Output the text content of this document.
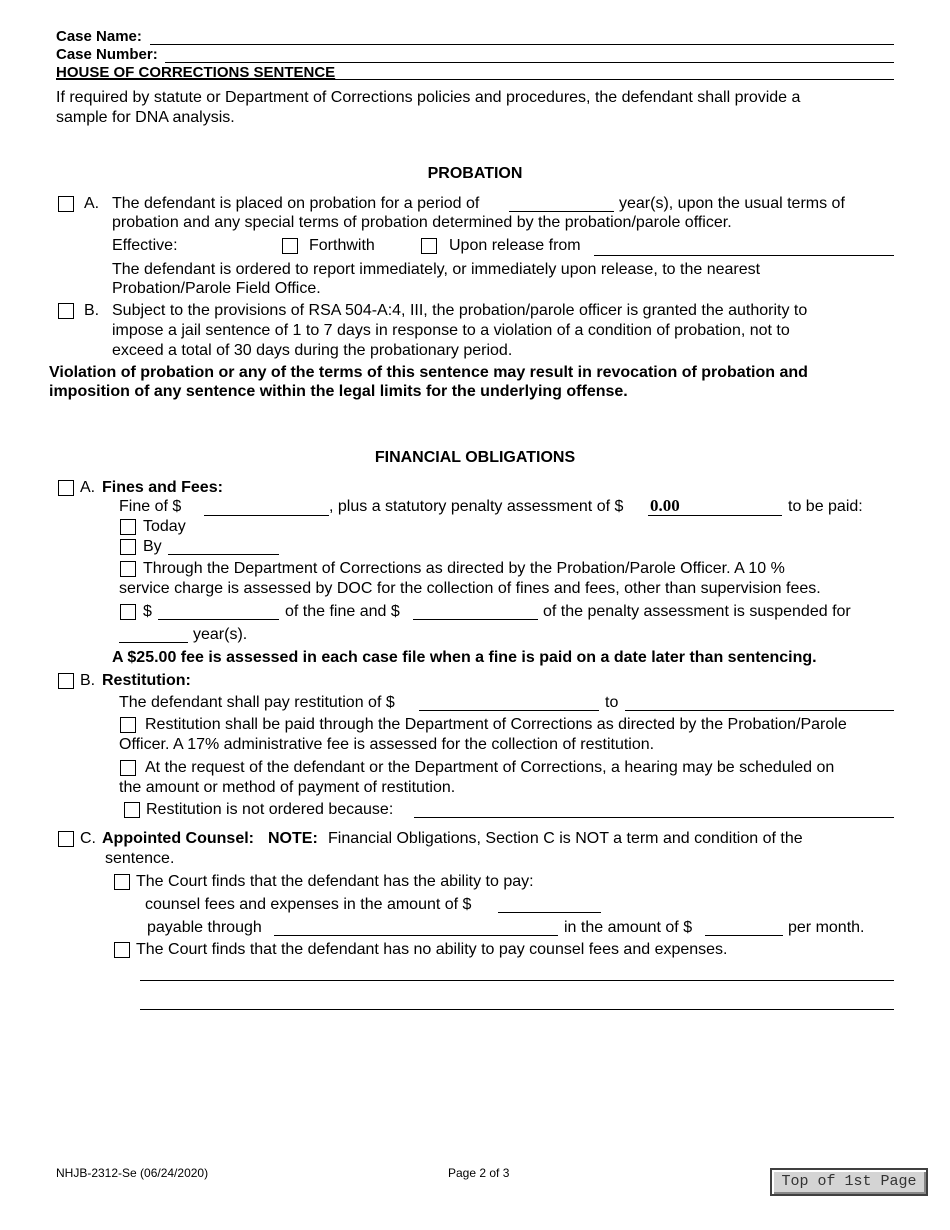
Case Name:
Case Number:
HOUSE OF CORRECTIONS SENTENCE
If required by statute or Department of Corrections policies and procedures, the defendant shall provide a
sample for DNA analysis.
PROBATION
A. The defendant is placed on probation for a period of	year(s), upon the usual terms of
probation and any special terms of probation determined by the probation/parole officer.
Effective:	Forthwith	Upon release from
The defendant is ordered to report immediately, or immediately upon release, to the nearest
Probation/Parole Field Office.
B. Subject to the provisions of RSA 504-A:4, III, the probation/parole officer is granted the authority to
impose a jail sentence of 1 to 7 days in response to a violation of a condition of probation, not to
exceed a total of 30 days during the probationary period.
Violation of probation or any of the terms of this sentence may result in revocation of probation and
imposition of any sentence within the legal limits for the underlying offense.
FINANCIAL OBLIGATIONS
A. Fines and Fees:
Fine of $	, plus a statutory penalty assessment of $ 0.00	to be paid:
Today
By
Through the Department of Corrections as directed by the Probation/Parole Officer. A 10 %
service charge is assessed by DOC for the collection of fines and fees, other than supervision fees.
$	of the fine and $	of the penalty assessment is suspended for
year(s).
A $25.00 fee is assessed in each case file when a fine is paid on a date later than sentencing.
B. Restitution:
The defendant shall pay restitution of $	to
Restitution shall be paid through the Department of Corrections as directed by the Probation/Parole
Officer. A 17% administrative fee is assessed for the collection of restitution.
At the request of the defendant or the Department of Corrections, a hearing may be scheduled on
the amount or method of payment of restitution.
Restitution is not ordered because:
C. Appointed Counsel: NOTE: Financial Obligations, Section C is NOT a term and condition of the
sentence.
The Court finds that the defendant has the ability to pay:
counsel fees and expenses in the amount of $
payable through	in the amount of $	per month.
The Court finds that the defendant has no ability to pay counsel fees and expenses.
NHJB-2312-Se (06/24/2020)	Page 2 of 3	Top of 1st Page
